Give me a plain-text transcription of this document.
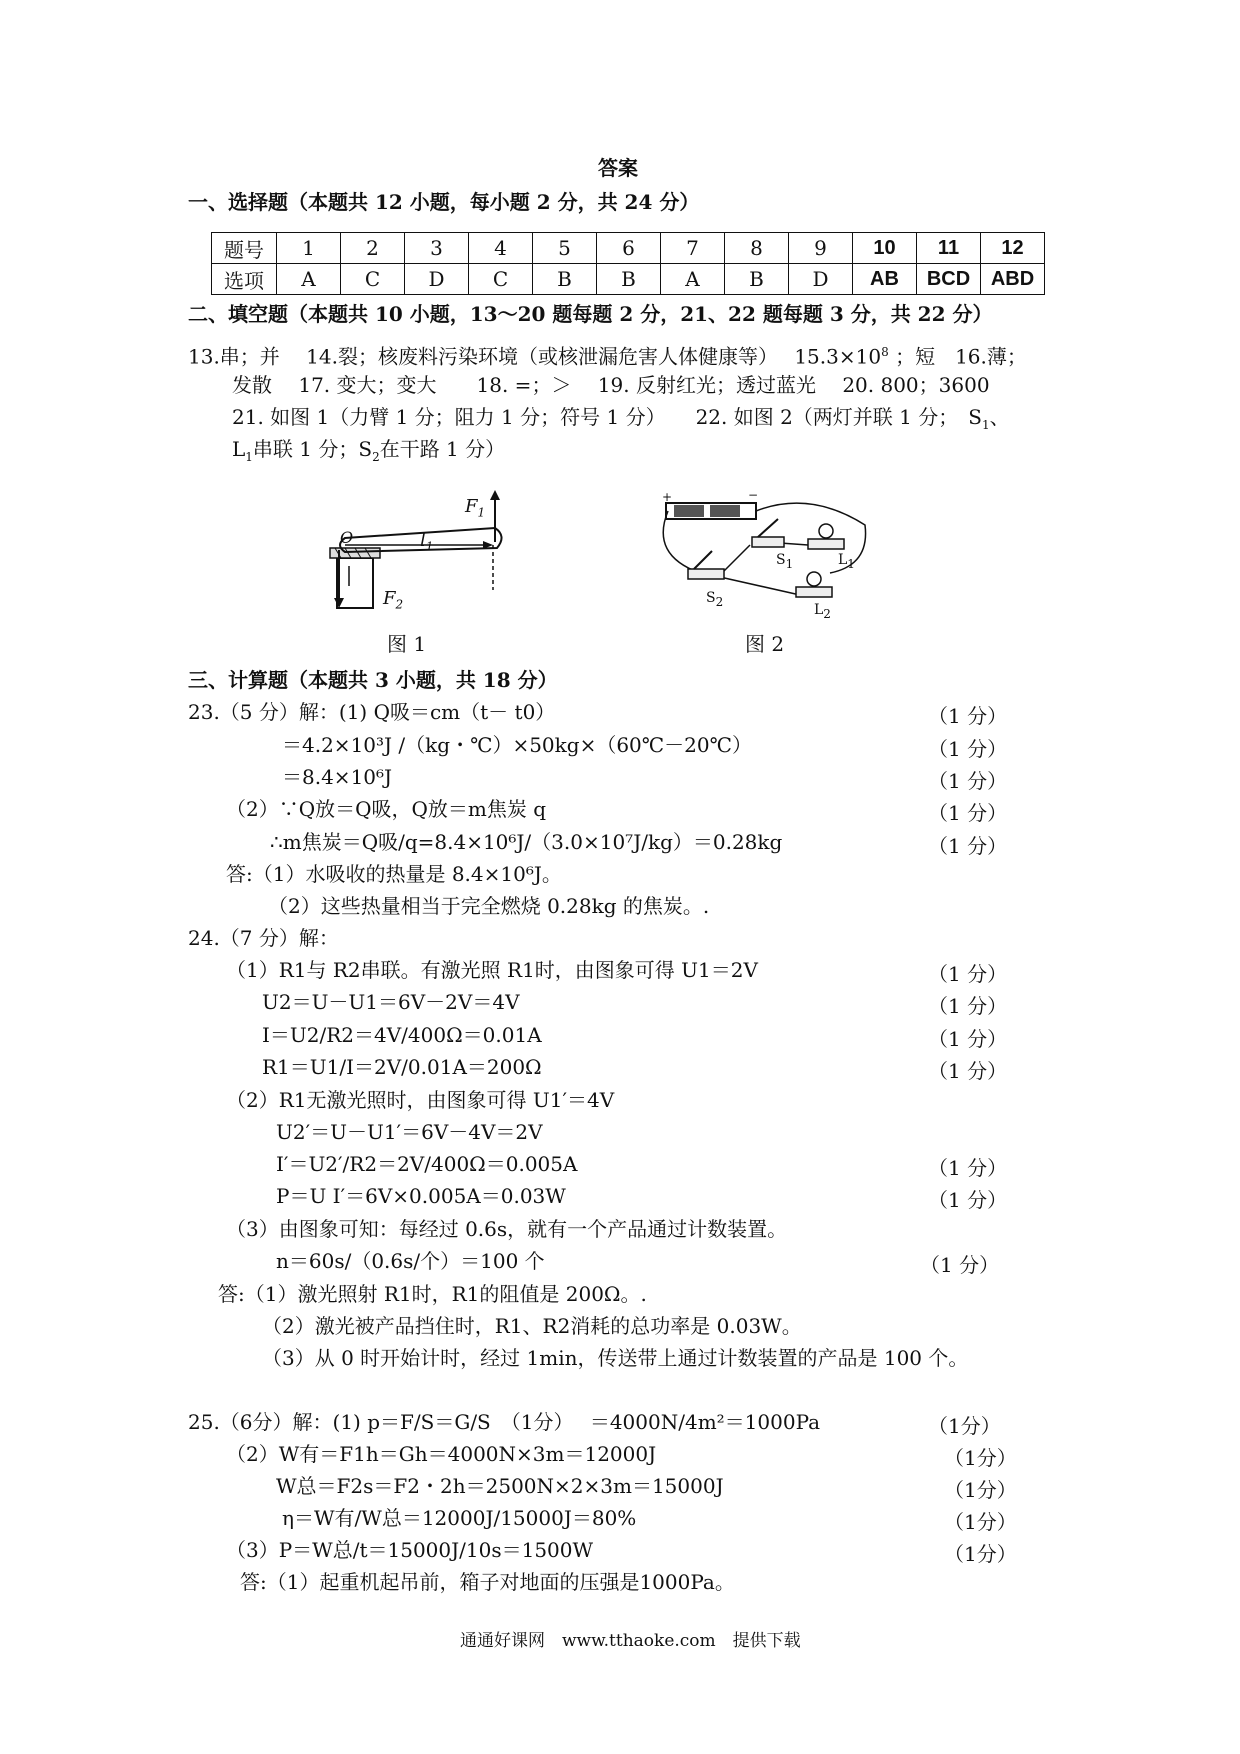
答案
一、选择题（本题共 12 小题，每小题 2 分，共 24 分）
题号	1	2	3	4	5	6	7	8	9	10	11	12
选项	A	C	D	C	B	B	A	B	D	AB	BCD	ABD
二、填空题（本题共 10 小题，13～20 题每题 2 分，21、22 题每题 3 分，共 22 分）
13.串；并　 14.裂；核废料污染环境（或核泄漏危害人体健康等）　 $15.3\times 10^8$ ；短　16.薄；
发散　 17. 变大；变大　　18. =；＞　 19. 反射红光；透过蓝光　 20. 800；3600
21. 如图 1（力臂 1 分；阻力 1 分；符号 1 分）　　22. 如图 2（两灯并联 1 分；　$S_1$、
$L_1$串联 1 分；$S_2$在干路 1 分）
O
$F_1$
$l_1$
$F_2$
图 1
+	−
$S_1$	$L_1$
$S_2$
$L_2$
图 2
三、计算题（本题共 3 小题，共 18 分）
23.（5 分）解：(1) Q吸＝cm（t－ t0）	（1 分）
＝4.2×10³J /（kg・℃）×50kg×（60℃－20℃）	（1 分）
＝8.4×10⁶J	（1 分）
（2）∵Q放＝Q吸，Q放＝m焦炭 q	（1 分）
∴m焦炭＝Q吸/q=8.4×10⁶J/（3.0×10⁷J/kg）＝0.28kg	（1 分）
答:（1）水吸收的热量是 8.4×10⁶J。
（2）这些热量相当于完全燃烧 0.28kg 的焦炭。.
24.（7 分）解：
（1）R1与 R2串联。有激光照 R1时，由图象可得 U1＝2V	（1 分）
U2＝U－U1＝6V－2V＝4V	（1 分）
I＝U2/R2＝4V/400Ω＝0.01A	（1 分）
R1＝U1/I＝2V/0.01A＝200Ω	（1 分）
（2）R1无激光照时，由图象可得 U1′＝4V
U2′＝U－U1′＝6V－4V＝2V
I′＝U2′/R2＝2V/400Ω＝0.005A	（1 分）
P＝U I′＝6V×0.005A＝0.03W	（1 分）
（3）由图象可知：每经过 0.6s，就有一个产品通过计数装置。
n＝60s/（0.6s/个）＝100 个	（1 分）
答:（1）激光照射 R1时，R1的阻值是 200Ω。.
（2）激光被产品挡住时，R1、R2消耗的总功率是 0.03W。
（3）从 0 时开始计时，经过 1min，传送带上通过计数装置的产品是 100 个。
25.（6分）解：(1) p＝F/S＝G/S　（1分）　 ＝4000N/4m²＝1000Pa	（1分）
（2）W有＝F1h＝Gh＝4000N×3m＝12000J	（1分）
W总＝F2s＝F2・2h＝2500N×2×3m＝15000J	（1分）
η＝W有/W总＝12000J/15000J＝80%	（1分）
（3）P＝W总/t＝15000J/10s＝1500W	（1分）
答:（1）起重机起吊前，箱子对地面的压强是1000Pa。
通通好课网　www.tthaoke.com　提供下载
